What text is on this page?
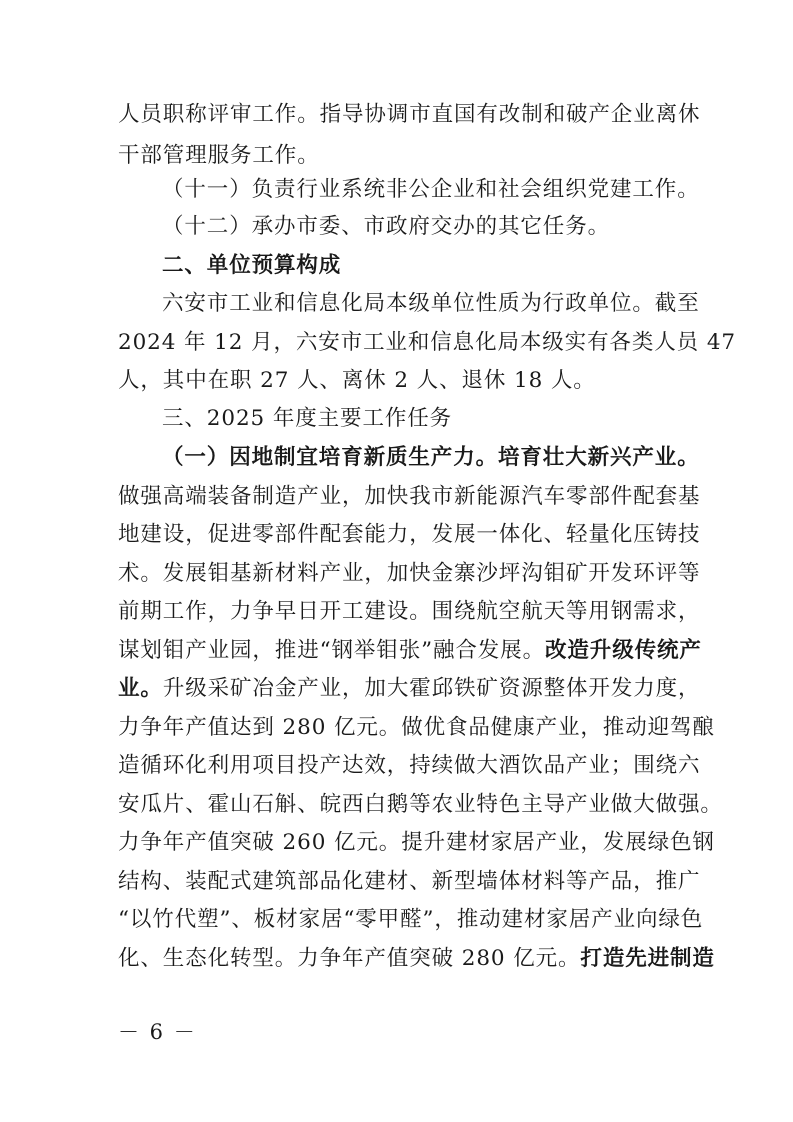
人员职称评审工作。指导协调市直国有改制和破产企业离休
干部管理服务工作。
（十一）负责行业系统非公企业和社会组织党建工作。
（十二）承办市委、市政府交办的其它任务。
二、单位预算构成
六安市工业和信息化局本级单位性质为行政单位。截至
2024 年 12 月，六安市工业和信息化局本级实有各类人员 47
人，其中在职 27 人、离休 2 人、退休 18 人。
三、2025 年度主要工作任务
（一）因地制宜培育新质生产力。培育壮大新兴产业。
做强高端装备制造产业，加快我市新能源汽车零部件配套基
地建设，促进零部件配套能力，发展一体化、轻量化压铸技
术。发展钼基新材料产业，加快金寨沙坪沟钼矿开发环评等
前期工作，力争早日开工建设。围绕航空航天等用钢需求，
谋划钼产业园，推进“钢举钼张”融合发展。改造升级传统产
业。升级采矿冶金产业，加大霍邱铁矿资源整体开发力度，
力争年产值达到 280 亿元。做优食品健康产业，推动迎驾酿
造循环化利用项目投产达效，持续做大酒饮品产业；围绕六
安瓜片、霍山石斛、皖西白鹅等农业特色主导产业做大做强。
力争年产值突破 260 亿元。提升建材家居产业，发展绿色钢
结构、装配式建筑部品化建材、新型墙体材料等产品，推广
“以竹代塑”、板材家居“零甲醛”，推动建材家居产业向绿色
化、生态化转型。力争年产值突破 280 亿元。打造先进制造
－ 6 －
